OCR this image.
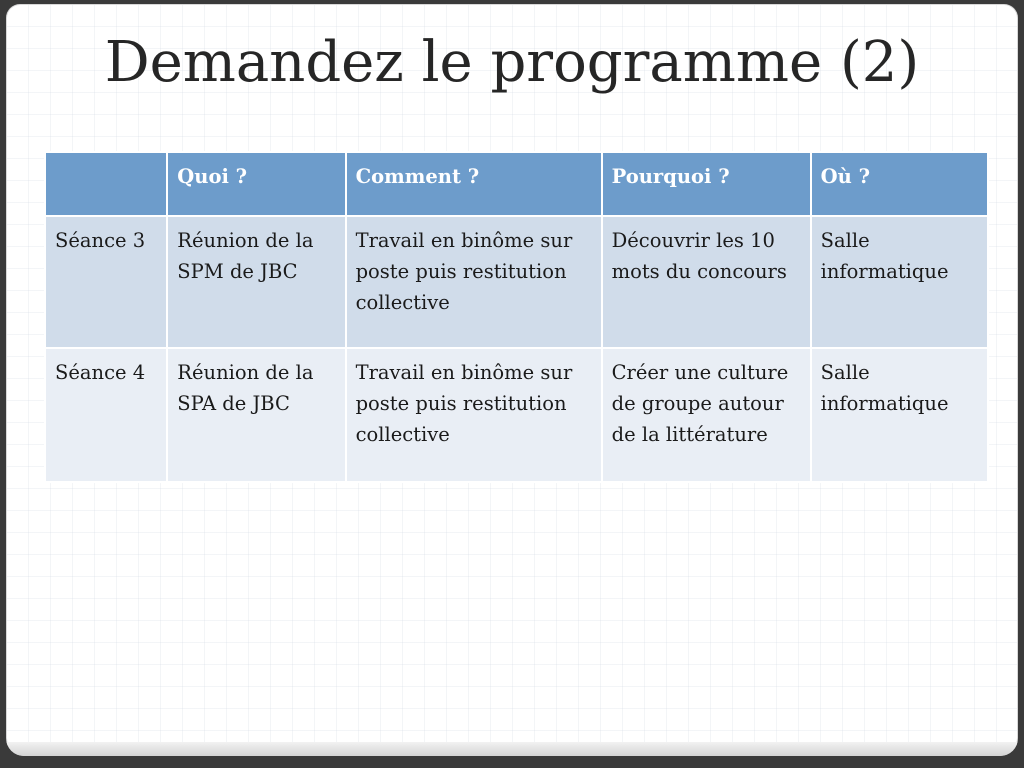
Demandez le programme (2)
	Quoi ?	Comment ?	Pourquoi ?	Où ?
Séance 3	Réunion de la SPM de JBC	Travail en binôme sur poste puis restitution collective	Découvrir les 10 mots du concours	Salle informatique
Séance 4	Réunion de la SPA de JBC	Travail en binôme sur poste puis restitution collective	Créer une culture de groupe autour de la littérature	Salle informatique
